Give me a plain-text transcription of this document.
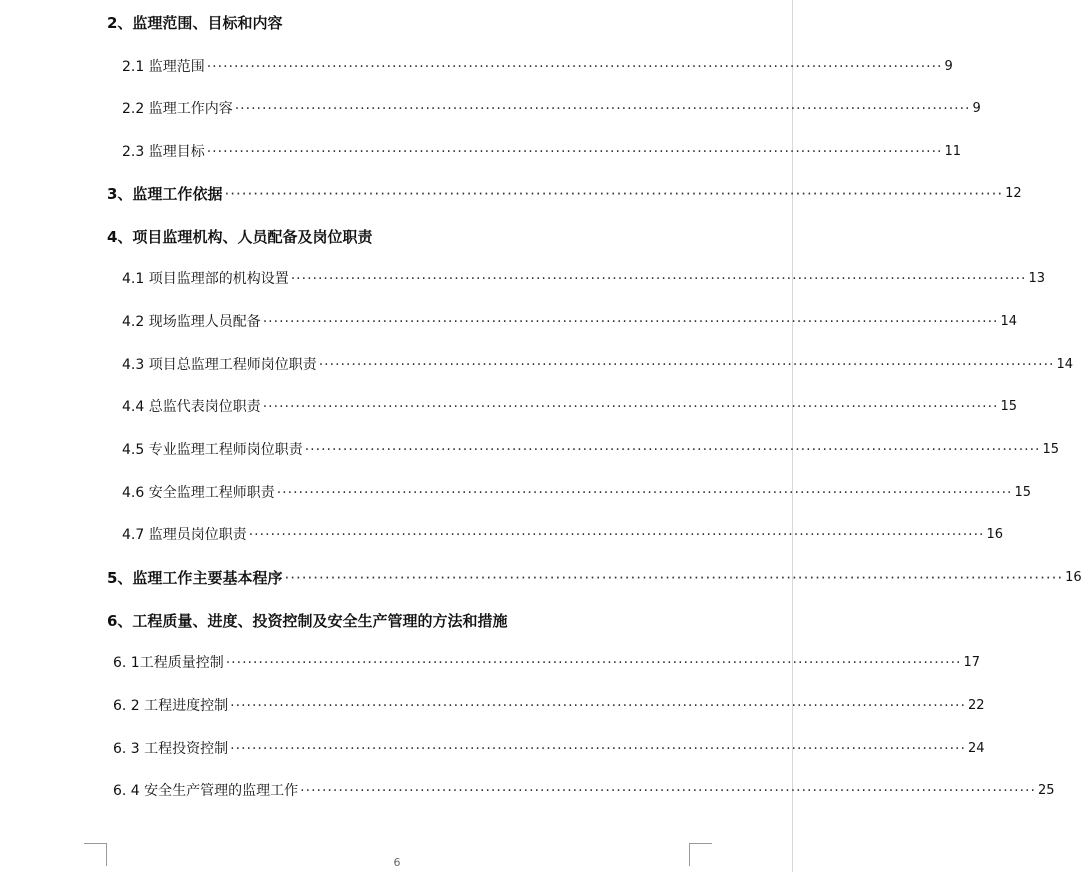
2、监理范围、目标和内容
2.1 监理范围 ······································································································································· 9
2.2 监理工作内容 ······································································································································· 9
2.3 监理目标 ······································································································································· 11
3、监理工作依据 ······································································································································· 12
4、项目监理机构、人员配备及岗位职责
4.1 项目监理部的机构设置 ······································································································································· 13
4.2 现场监理人员配备 ······································································································································· 14
4.3 项目总监理工程师岗位职责 ······································································································································· 14
4.4 总监代表岗位职责 ······································································································································· 15
4.5 专业监理工程师岗位职责 ······································································································································· 15
4.6 安全监理工程师职责 ······································································································································· 15
4.7 监理员岗位职责 ······································································································································· 16
5、监理工作主要基本程序 ······································································································································· 16
6、工程质量、进度、投资控制及安全生产管理的方法和措施
6. 1工程质量控制 ······································································································································· 17
6. 2 工程进度控制 ······································································································································· 22
6. 3 工程投资控制 ······································································································································· 24
6. 4 安全生产管理的监理工作 ······································································································································· 25
6
